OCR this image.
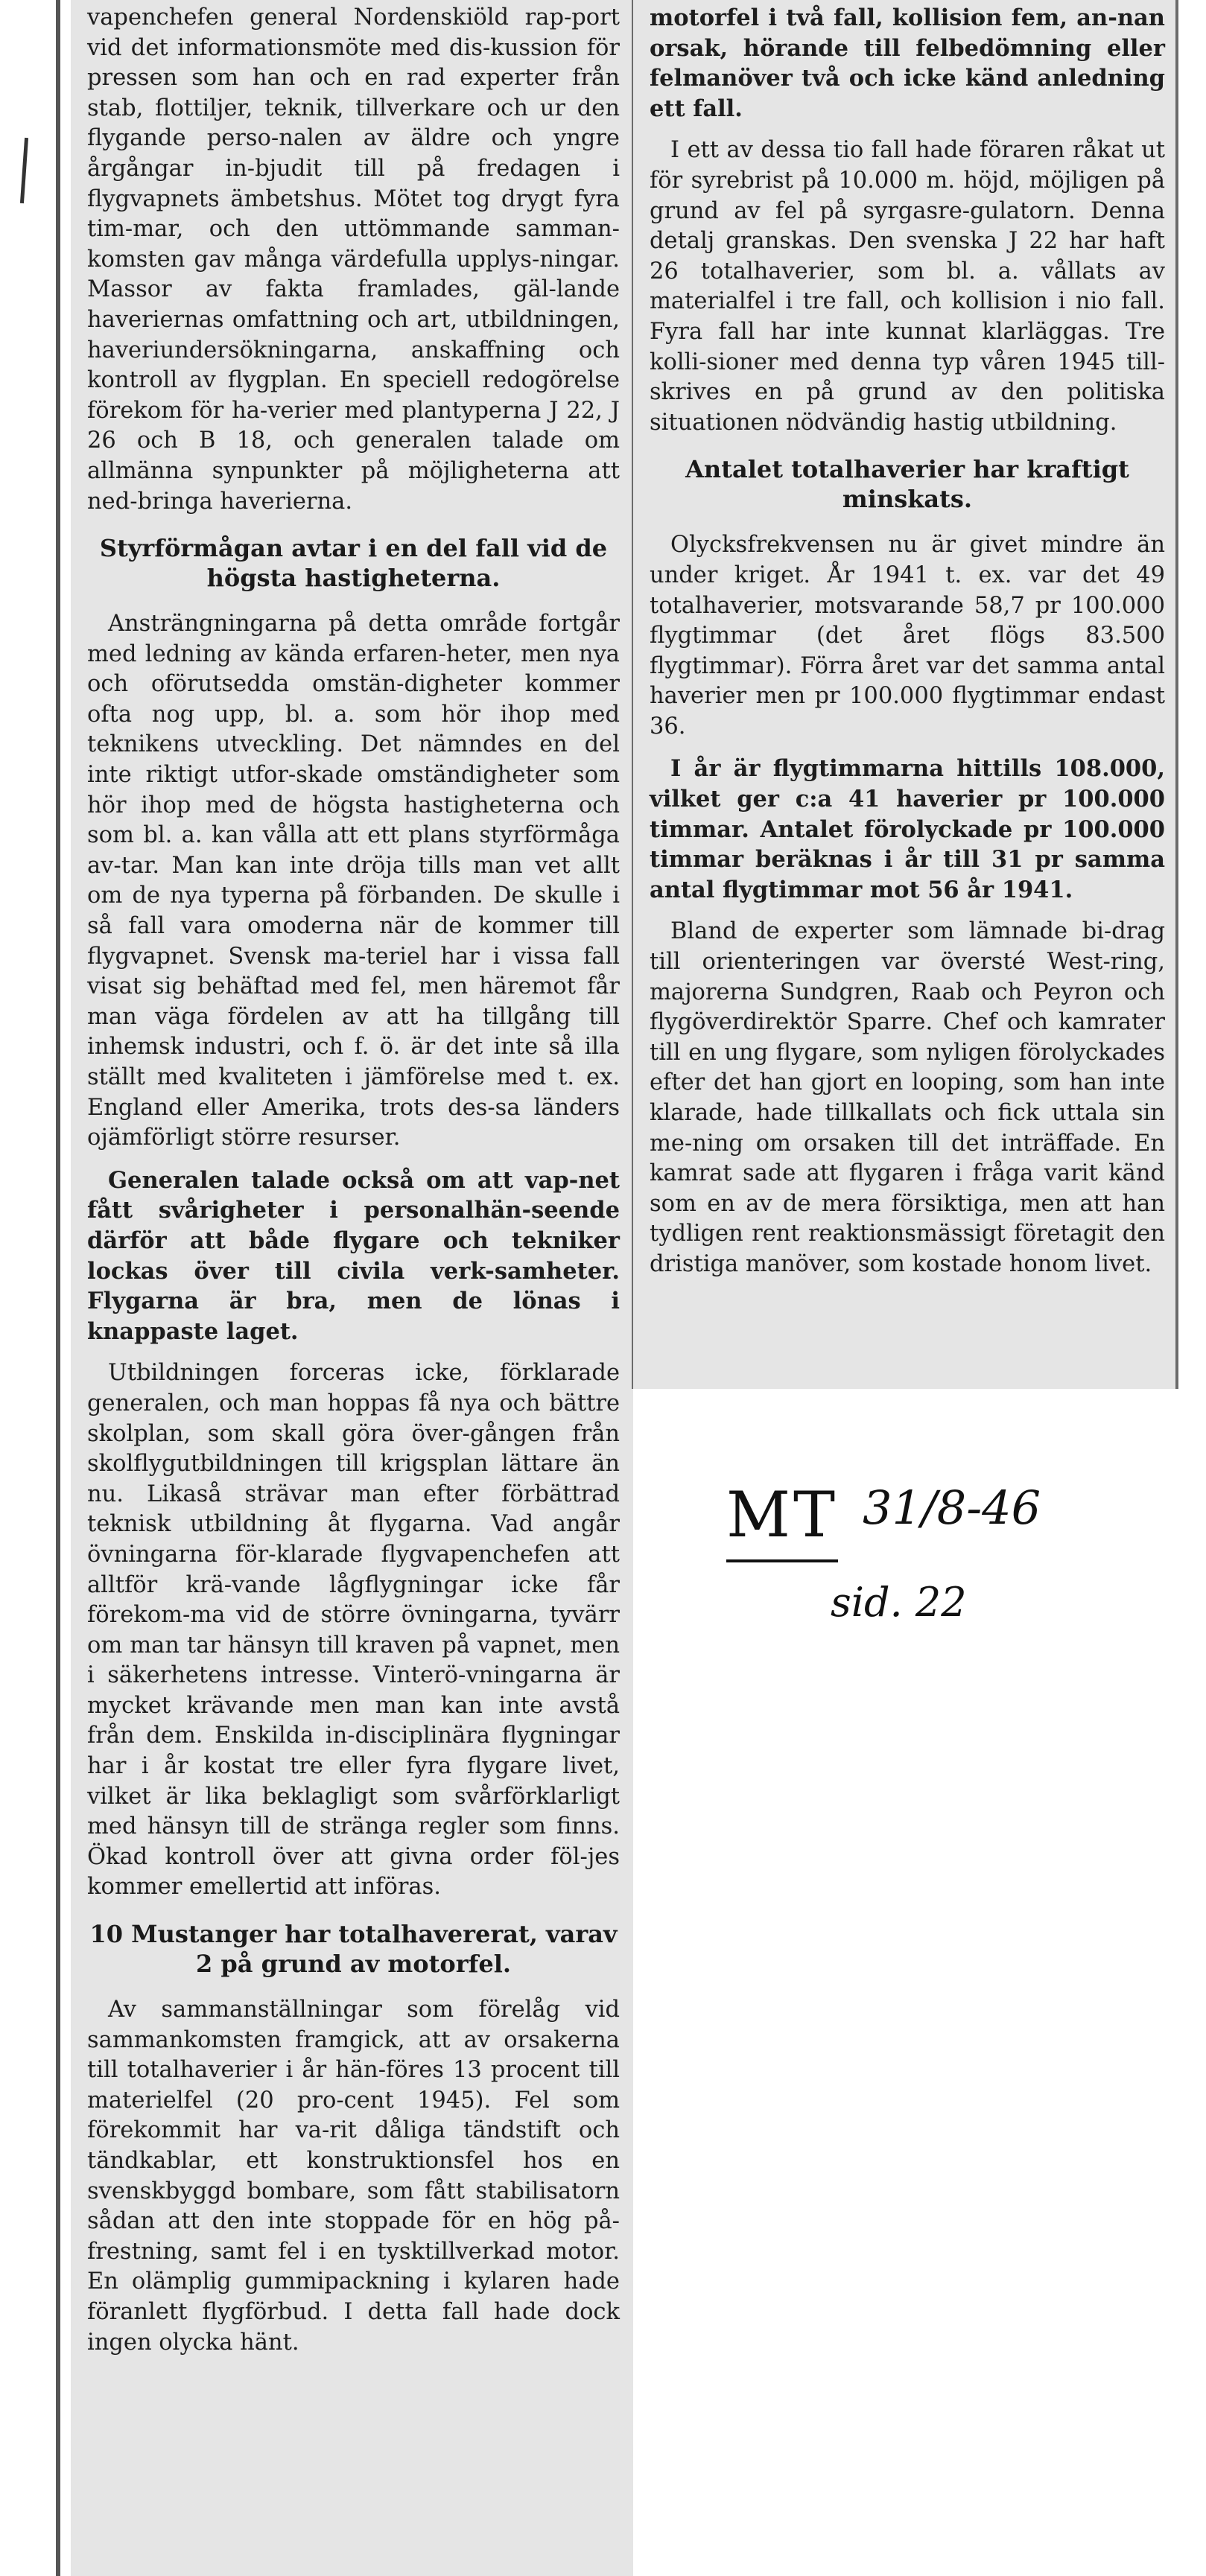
vapenchefen general Nordenskiöld rap-port vid det informationsmöte med dis-kussion för pressen som han och en rad experter från stab, flottiljer, teknik, tillverkare och ur den flygande perso-nalen av äldre och yngre årgångar in-bjudit till på fredagen i flygvapnets ämbetshus. Mötet tog drygt fyra tim-mar, och den uttömmande samman-komsten gav många värdefulla upplys-ningar. Massor av fakta framlades, gäl-lande haveriernas omfattning och art, utbildningen, haveriundersökningarna, anskaffning och kontroll av flygplan. En speciell redogörelse förekom för ha-verier med plantyperna J 22, J 26 och B 18, och generalen talade om allmänna synpunkter på möjligheterna att ned-bringa haverierna.

Styrförmågan avtar i en del fall vid de högsta hastigheterna.

Ansträngningarna på detta område fortgår med ledning av kända erfaren-heter, men nya och oförutsedda omstän-digheter kommer ofta nog upp, bl. a. som hör ihop med teknikens utveckling. Det nämndes en del inte riktigt utfor-skade omständigheter som hör ihop med de högsta hastigheterna och som bl. a. kan vålla att ett plans styrförmåga av-tar. Man kan inte dröja tills man vet allt om de nya typerna på förbanden. De skulle i så fall vara omoderna när de kommer till flygvapnet. Svensk ma-teriel har i vissa fall visat sig behäftad med fel, men häremot får man väga fördelen av att ha tillgång till inhemsk industri, och f. ö. är det inte så illa ställt med kvaliteten i jämförelse med t. ex. England eller Amerika, trots des-sa länders ojämförligt större resurser.

Generalen talade också om att vap-net fått svårigheter i personalhän-seende därför att både flygare och tekniker lockas över till civila verk-samheter. Flygarna är bra, men de lönas i knappaste laget.

Utbildningen forceras icke, förklarade generalen, och man hoppas få nya och bättre skolplan, som skall göra över-gången från skolflygutbildningen till krigsplan lättare än nu. Likaså strävar man efter förbättrad teknisk utbildning åt flygarna. Vad angår övningarna för-klarade flygvapenchefen att alltför krä-vande lågflygningar icke får förekom-ma vid de större övningarna, tyvärr om man tar hänsyn till kraven på vapnet, men i säkerhetens intresse. Vinterö-vningarna är mycket krävande men man kan inte avstå från dem. Enskilda in-disciplinära flygningar har i år kostat tre eller fyra flygare livet, vilket är lika beklagligt som svårförklarligt med hänsyn till de stränga regler som finns. Ökad kontroll över att givna order föl-jes kommer emellertid att införas.

10 Mustanger har totalhavererat, varav 2 på grund av motorfel.

Av sammanställningar som förelåg vid sammankomsten framgick, att av orsakerna till totalhaverier i år hän-föres 13 procent till materielfel (20 pro-cent 1945). Fel som förekommit har va-rit dåliga tändstift och tändkablar, ett konstruktionsfel hos en svenskbyggd bombare, som fått stabilisatorn sådan att den inte stoppade för en hög på-frestning, samt fel i en tysktillverkad motor. En olämplig gummipackning i kylaren hade föranlett flygförbud. I detta fall hade dock ingen olycka hänt.

motorfel i två fall, kollision fem, an-nan orsak, hörande till felbedömning eller felmanöver två och icke känd anledning ett fall.

I ett av dessa tio fall hade föraren råkat ut för syrebrist på 10.000 m. höjd, möjligen på grund av fel på syrgasre-gulatorn. Denna detalj granskas. Den svenska J 22 har haft 26 totalhaverier, som bl. a. vållats av materialfel i tre fall, och kollision i nio fall. Fyra fall har inte kunnat klarläggas. Tre kolli-sioner med denna typ våren 1945 till-skrives en på grund av den politiska situationen nödvändig hastig utbildning.

Antalet totalhaverier har kraftigt minskats.

Olycksfrekvensen nu är givet mindre än under kriget. År 1941 t. ex. var det 49 totalhaverier, motsvarande 58,7 pr 100.000 flygtimmar (det året flögs 83.500 flygtimmar). Förra året var det samma antal haverier men pr 100.000 flygtimmar endast 36.

I år är flygtimmarna hittills 108.000, vilket ger c:a 41 haverier pr 100.000 timmar. Antalet förolyckade pr 100.000 timmar beräknas i år till 31 pr samma antal flygtimmar mot 56 år 1941.

Bland de experter som lämnade bi-drag till orienteringen var översté West-ring, majorerna Sundgren, Raab och Peyron och flygöverdirektör Sparre. Chef och kamrater till en ung flygare, som nyligen förolyckades efter det han gjort en looping, som han inte klarade, hade tillkallats och fick uttala sin me-ning om orsaken till det inträffade. En kamrat sade att flygaren i fråga varit känd som en av de mera försiktiga, men att han tydligen rent reaktionsmässigt företagit den dristiga manöver, som kostade honom livet.

MT 31/8-46
sid. 22
